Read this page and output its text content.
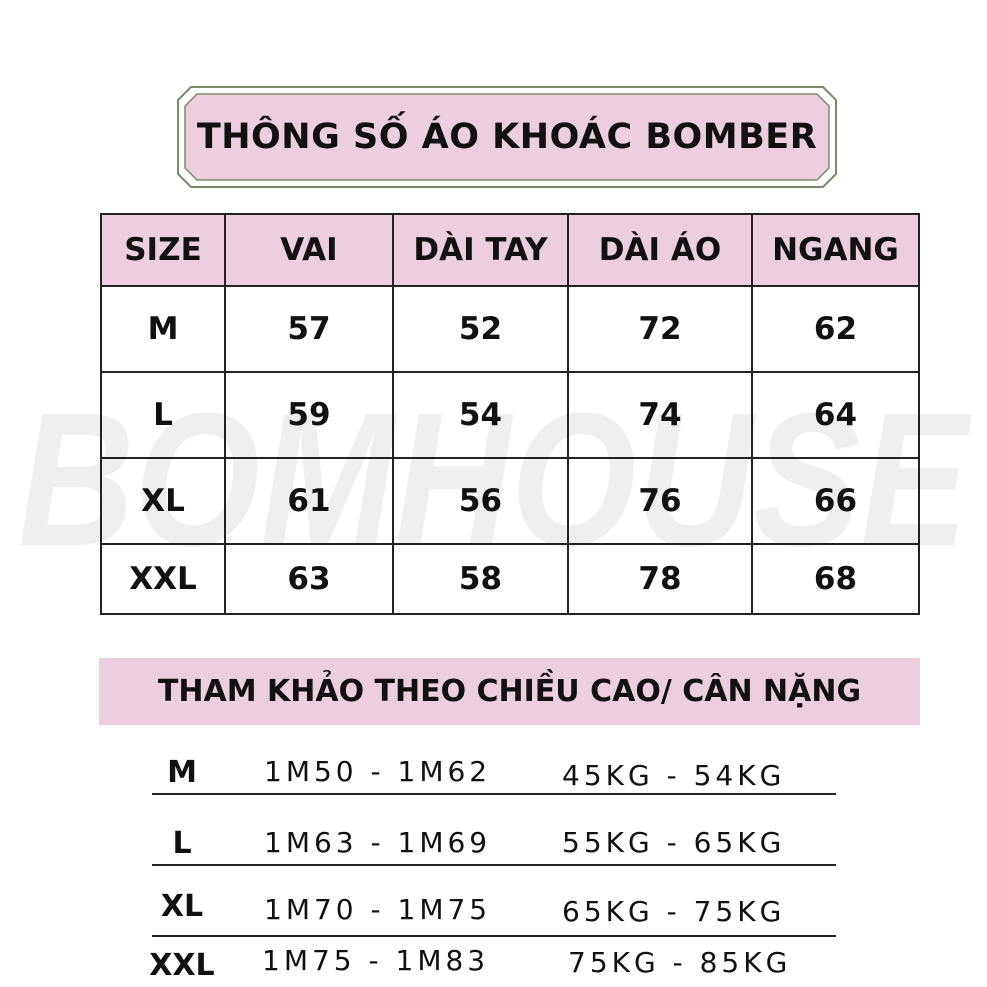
BOMHOUSE
THÔNG SỐ ÁO KHOÁC BOMBER
SIZE	VAI	DÀI TAY	DÀI ÁO	NGANG
M	57	52	72	62
L	59	54	74	64
XL	61	56	76	66
XXL	63	58	78	68
THAM KHẢO THEO CHIỀU CAO/ CÂN NẶNG
M	1M50 - 1M62	45KG - 54KG
L	1M63 - 1M69	55KG - 65KG
XL	1M70 - 1M75	65KG - 75KG
XXL 1M75 - 1M83	75KG - 85KG
